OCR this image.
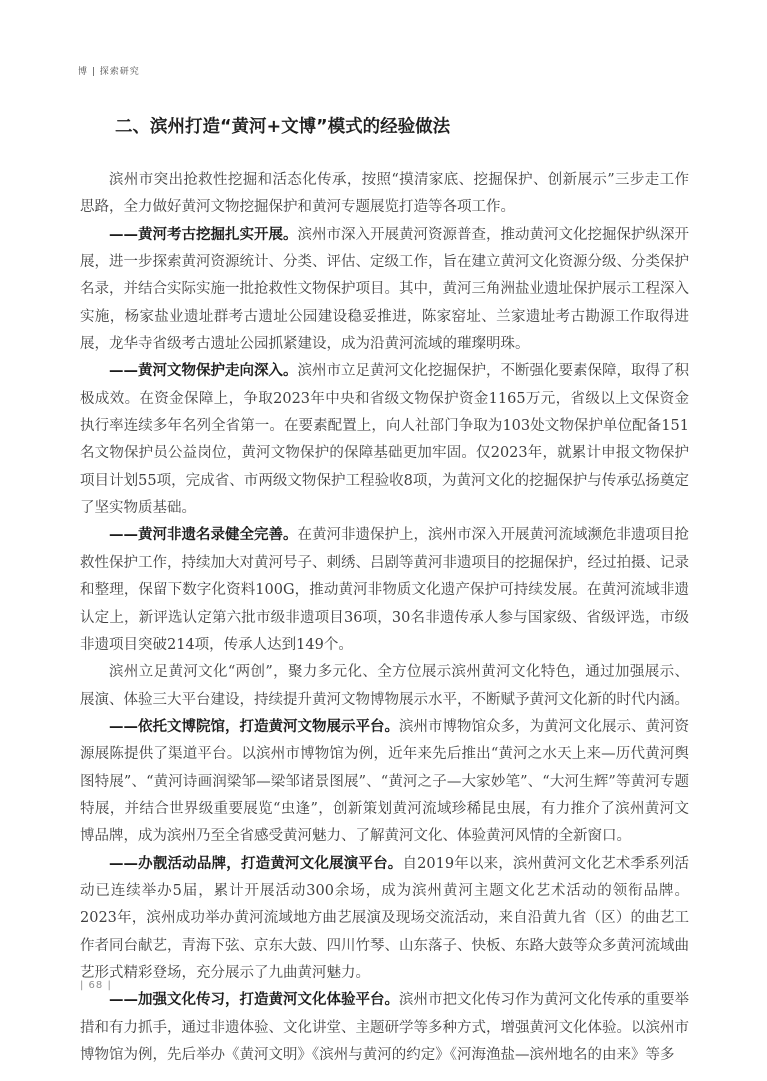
博 | 探索研究
二、滨州打造“黄河+文博”模式的经验做法

滨州市突出抢救性挖掘和活态化传承，按照“摸清家底、挖掘保护、创新展示”三步走工作思路，全力做好黄河文物挖掘保护和黄河专题展览打造等各项工作。

——黄河考古挖掘扎实开展。滨州市深入开展黄河资源普查，推动黄河文化挖掘保护纵深开展，进一步探索黄河资源统计、分类、评估、定级工作，旨在建立黄河文化资源分级、分类保护名录，并结合实际实施一批抢救性文物保护项目。其中，黄河三角洲盐业遗址保护展示工程深入实施，杨家盐业遗址群考古遗址公园建设稳妥推进，陈家窑址、兰家遗址考古勘源工作取得进展，龙华寺省级考古遗址公园抓紧建设，成为沿黄河流域的璀璨明珠。

——黄河文物保护走向深入。滨州市立足黄河文化挖掘保护，不断强化要素保障，取得了积极成效。在资金保障上，争取2023年中央和省级文物保护资金1165万元，省级以上文保资金执行率连续多年名列全省第一。在要素配置上，向人社部门争取为103处文物保护单位配备151名文物保护员公益岗位，黄河文物保护的保障基础更加牢固。仅2023年，就累计申报文物保护项目计划55项，完成省、市两级文物保护工程验收8项，为黄河文化的挖掘保护与传承弘扬奠定了坚实物质基础。

——黄河非遗名录健全完善。在黄河非遗保护上，滨州市深入开展黄河流域濒危非遗项目抢救性保护工作，持续加大对黄河号子、刺绣、吕剧等黄河非遗项目的挖掘保护，经过拍摄、记录和整理，保留下数字化资料100G，推动黄河非物质文化遗产保护可持续发展。在黄河流域非遗认定上，新评选认定第六批市级非遗项目36项，30名非遗传承人参与国家级、省级评选，市级非遗项目突破214项，传承人达到149个。

滨州立足黄河文化“两创”，聚力多元化、全方位展示滨州黄河文化特色，通过加强展示、展演、体验三大平台建设，持续提升黄河文物博物展示水平，不断赋予黄河文化新的时代内涵。

——依托文博院馆，打造黄河文物展示平台。滨州市博物馆众多，为黄河文化展示、黄河资源展陈提供了渠道平台。以滨州市博物馆为例，近年来先后推出“黄河之水天上来—历代黄河舆图特展”、“黄河诗画润梁邹—梁邹诸景图展”、“黄河之子—大家妙笔”、“大河生辉”等黄河专题特展，并结合世界级重要展览“虫逢”，创新策划黄河流域珍稀昆虫展，有力推介了滨州黄河文博品牌，成为滨州乃至全省感受黄河魅力、了解黄河文化、体验黄河风情的全新窗口。

——办靓活动品牌，打造黄河文化展演平台。自2019年以来，滨州黄河文化艺术季系列活动已连续举办5届，累计开展活动300余场，成为滨州黄河主题文化艺术活动的领衔品牌。2023年，滨州成功举办黄河流域地方曲艺展演及现场交流活动，来自沿黄九省（区）的曲艺工作者同台献艺，青海下弦、京东大鼓、四川竹琴、山东落子、快板、东路大鼓等众多黄河流域曲艺形式精彩登场，充分展示了九曲黄河魅力。

——加强文化传习，打造黄河文化体验平台。滨州市把文化传习作为黄河文化传承的重要举措和有力抓手，通过非遗体验、文化讲堂、主题研学等多种方式，增强黄河文化体验。以滨州市博物馆为例，先后举办《黄河文明》《滨州与黄河的约定》《河海渔盐—滨州地名的由来》等多

| 68 |
